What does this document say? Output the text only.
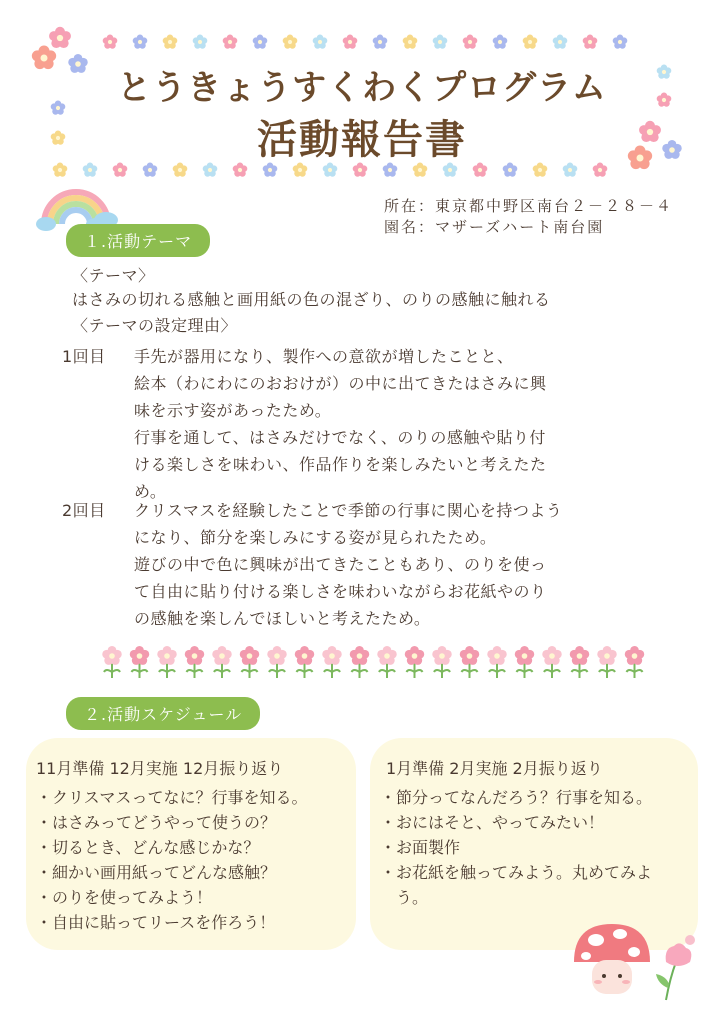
とうきょうすくわくプログラム
活動報告書
所在：東京都中野区南台２－２８－４
園名：マザーズハート南台園
１.活動テーマ
〈テーマ〉
はさみの切れる感触と画用紙の色の混ざり、のりの感触に触れる
〈テーマの設定理由〉
1回目 手先が器用になり、製作への意欲が増したことと、
絵本（わにわにのおおけが）の中に出てきたはさみに興
味を示す姿があったため。
行事を通して、はさみだけでなく、のりの感触や貼り付
ける楽しさを味わい、作品作りを楽しみたいと考えたた
め。
2回目 クリスマスを経験したことで季節の行事に関心を持つよう
になり、節分を楽しみにする姿が見られたため。
遊びの中で色に興味が出てきたこともあり、のりを使っ
て自由に貼り付ける楽しさを味わいながらお花紙やのり
の感触を楽しんでほしいと考えたため。
２.活動スケジュール
11月準備 12月実施 12月振り返り
・クリスマスってなに？行事を知る。
・はさみってどうやって使うの？
・切るとき、どんな感じかな？
・細かい画用紙ってどんな感触？
・のりを使ってみよう！
・自由に貼ってリースを作ろう！
1月準備 2月実施 2月振り返り
・節分ってなんだろう？行事を知る。
・おにはそと、やってみたい！
・お面製作
・お花紙を触ってみよう。丸めてみよう。
